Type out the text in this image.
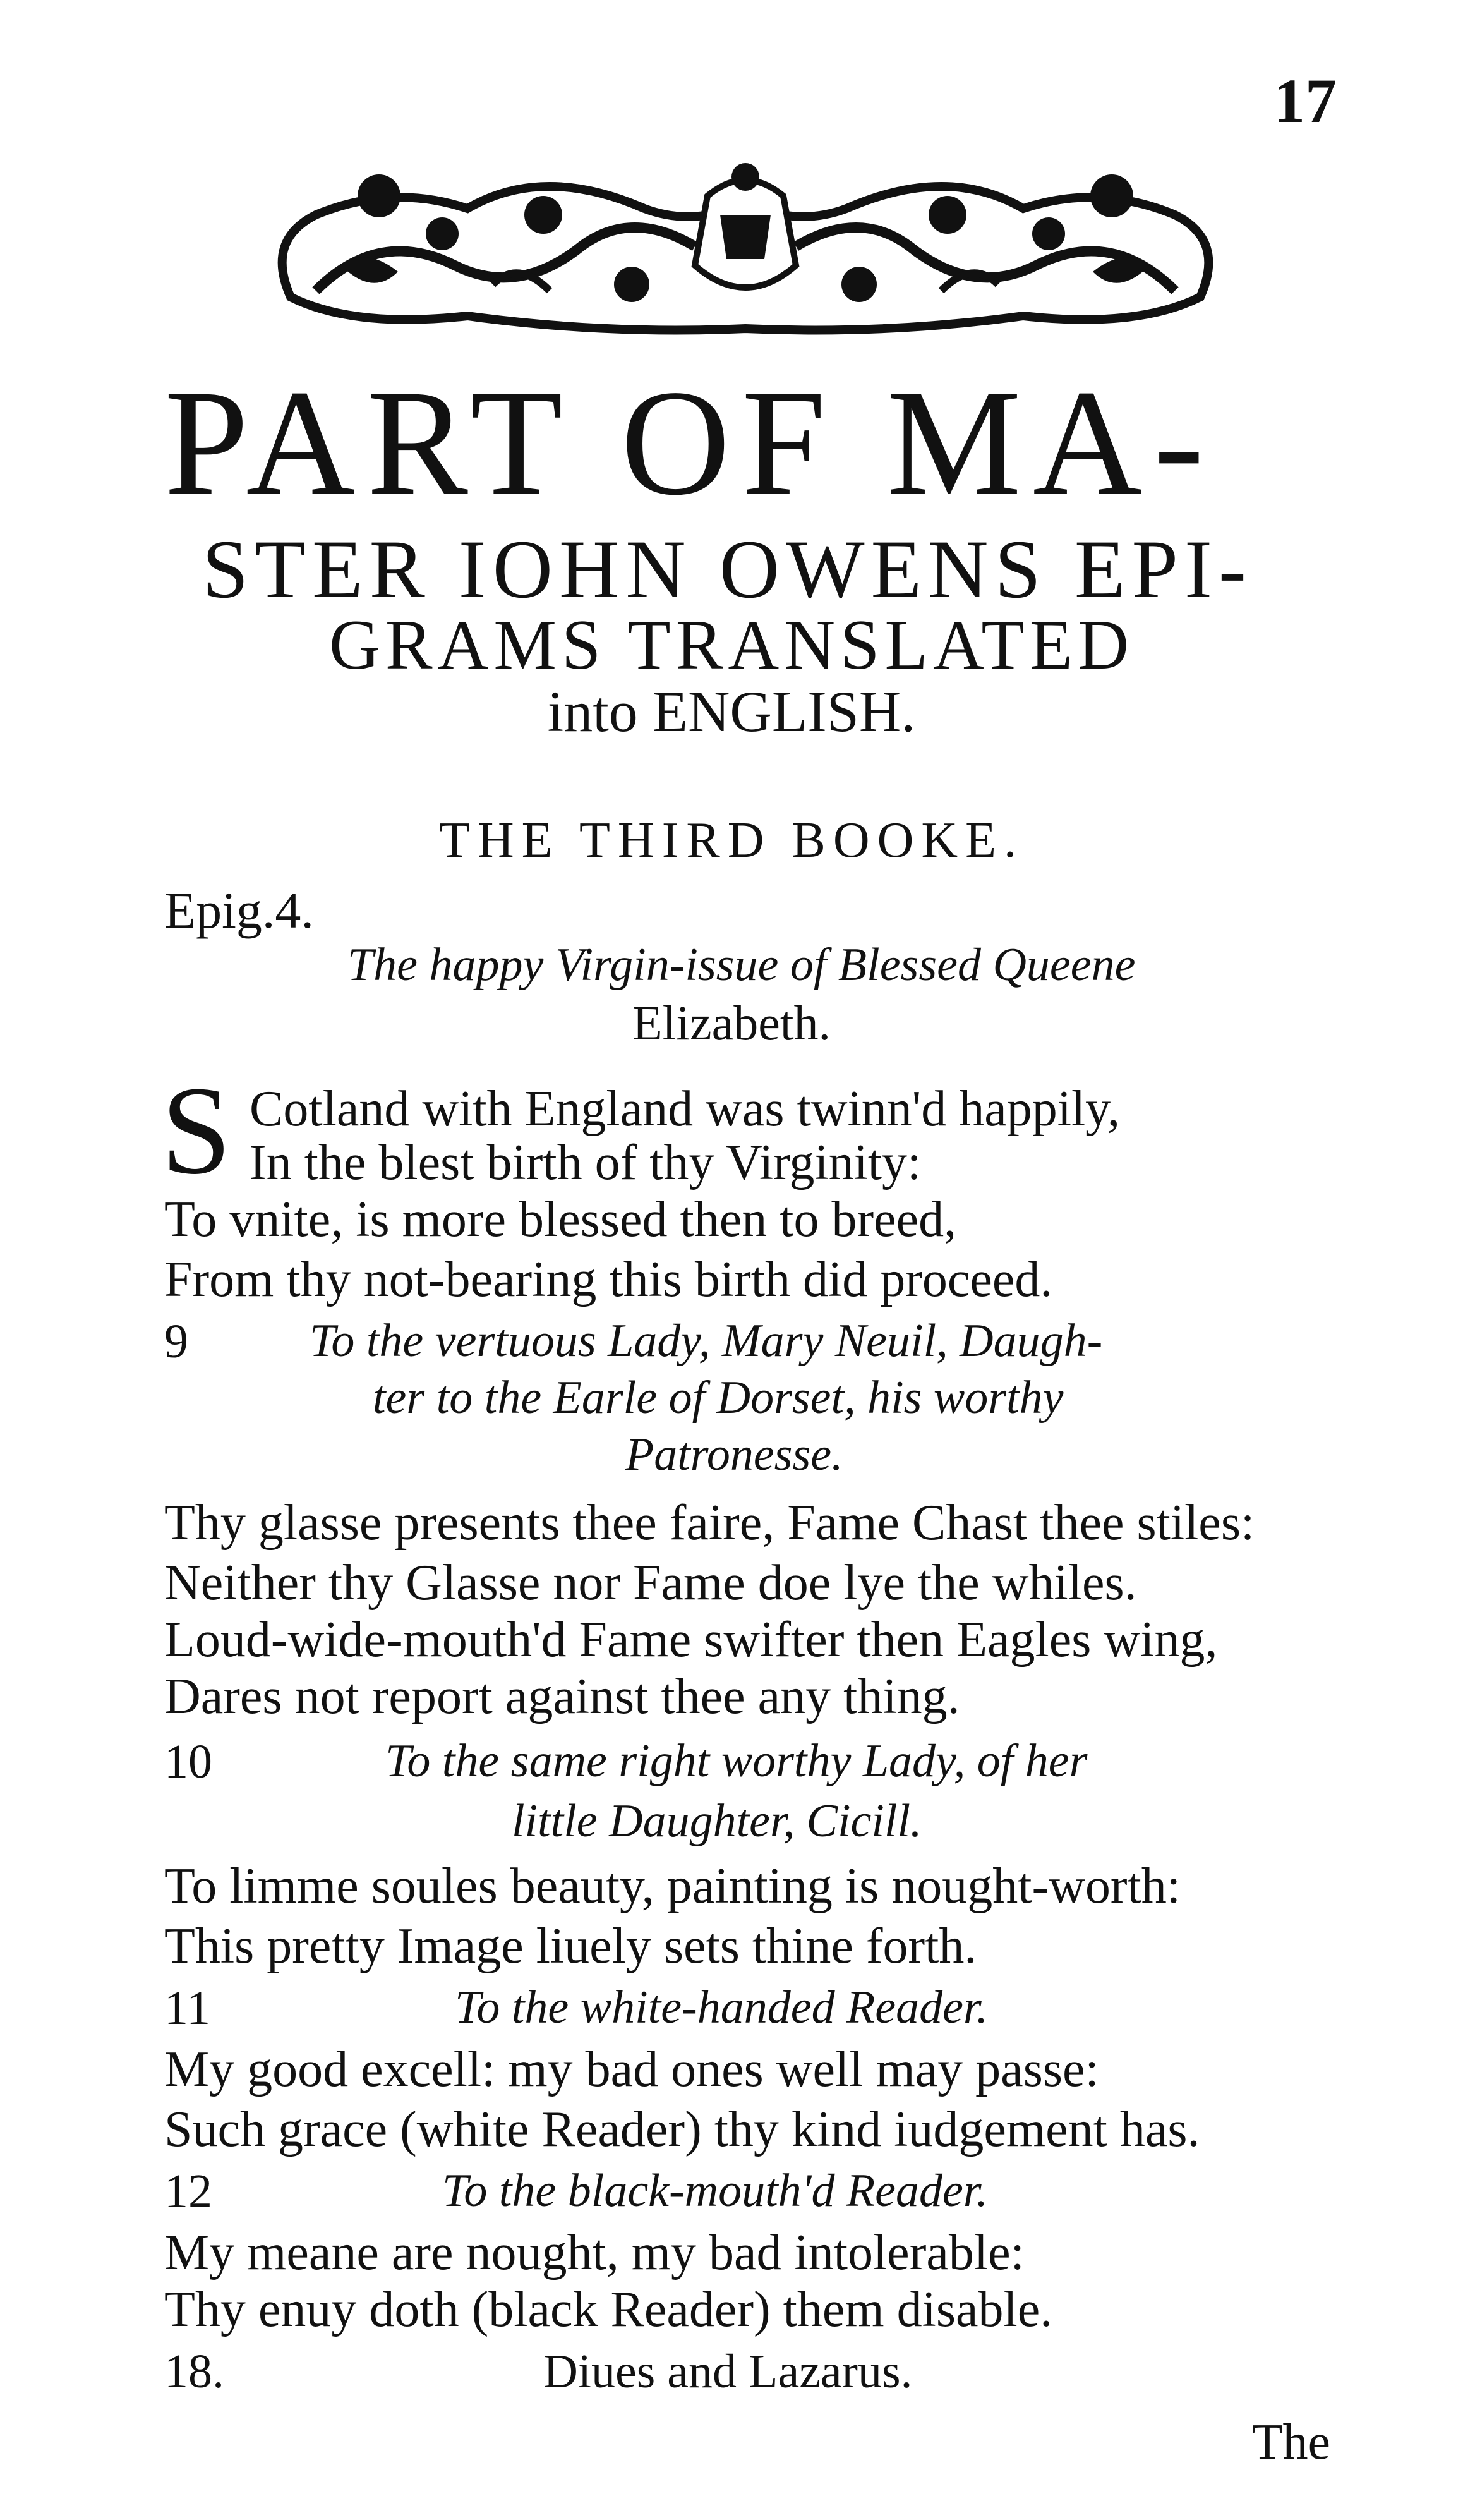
17
PART OF MA-
STER IOHN OWENS EPI-
GRAMS TRANSLATED
into ENGLISH.
THE THIRD BOOKE.
Epig.4.
The happy Virgin-issue of Blessed Queene
Elizabeth.
S Cotland with England was twinn'd happily,
In the blest birth of thy Virginity:
To vnite, is more blessed then to breed,
From thy not-bearing this birth did proceed.
9	To the vertuous Lady, Mary Neuil, Daugh-
ter to the Earle of Dorset, his worthy
Patronesse.
Thy glasse presents thee faire, Fame Chast thee stiles:
Neither thy Glasse nor Fame doe lye the whiles.
Loud-wide-mouth'd Fame swifter then Eagles wing,
Dares not report against thee any thing.
10	To the same right worthy Lady, of her
little Daughter, Cicill.
To limme soules beauty, painting is nought-worth:
This pretty Image liuely sets thine forth.
11	To the white-handed Reader.
My good excell: my bad ones well may passe:
Such grace (white Reader) thy kind iudgement has.
12	To the black-mouth'd Reader.
My meane are nought, my bad intolerable:
Thy enuy doth (black Reader) them disable.
18.	Diues and Lazarus.
The
